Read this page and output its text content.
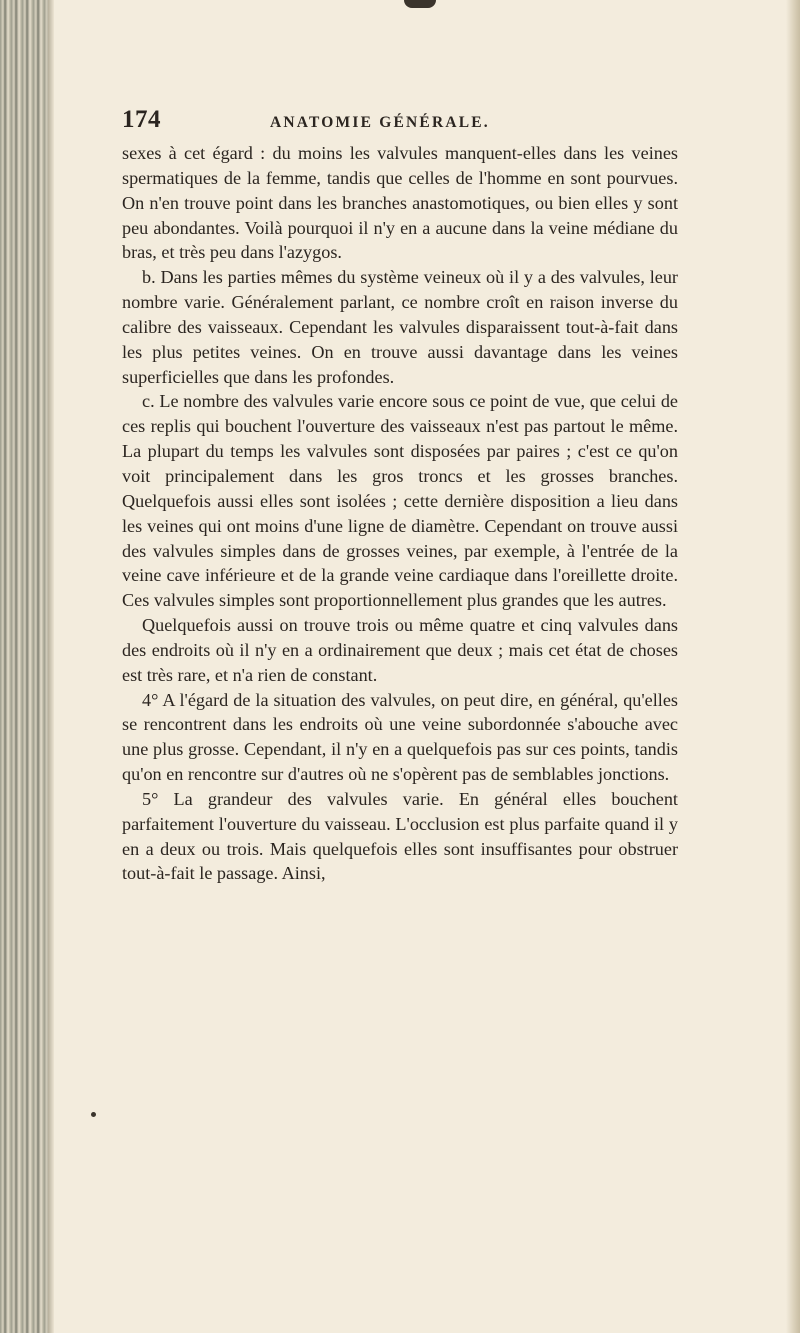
174	ANATOMIE GÉNÉRALE.

sexes à cet égard : du moins les valvules manquent-elles dans les veines spermatiques de la femme, tandis que celles de l'homme en sont pourvues. On n'en trouve point dans les branches anastomotiques, ou bien elles y sont peu abondantes. Voilà pourquoi il n'y en a aucune dans la veine médiane du bras, et très peu dans l'azygos.

b. Dans les parties mêmes du système veineux où il y a des valvules, leur nombre varie. Généralement parlant, ce nombre croît en raison inverse du calibre des vaisseaux. Cependant les valvules disparaissent tout-à-fait dans les plus petites veines. On en trouve aussi davantage dans les veines superficielles que dans les profondes.

c. Le nombre des valvules varie encore sous ce point de vue, que celui de ces replis qui bouchent l'ouverture des vaisseaux n'est pas partout le même. La plupart du temps les valvules sont disposées par paires ; c'est ce qu'on voit principalement dans les gros troncs et les grosses branches. Quelquefois aussi elles sont isolées ; cette dernière disposition a lieu dans les veines qui ont moins d'une ligne de diamètre. Cependant on trouve aussi des valvules simples dans de grosses veines, par exemple, à l'entrée de la veine cave inférieure et de la grande veine cardiaque dans l'oreillette droite. Ces valvules simples sont proportionnellement plus grandes que les autres.

Quelquefois aussi on trouve trois ou même quatre et cinq valvules dans des endroits où il n'y en a ordinairement que deux ; mais cet état de choses est très rare, et n'a rien de constant.

4° A l'égard de la situation des valvules, on peut dire, en général, qu'elles se rencontrent dans les endroits où une veine subordonnée s'abouche avec une plus grosse. Cependant, il n'y en a quelquefois pas sur ces points, tandis qu'on en rencontre sur d'autres où ne s'opèrent pas de semblables jonctions.

5° La grandeur des valvules varie. En général elles bouchent parfaitement l'ouverture du vaisseau. L'occlusion est plus parfaite quand il y en a deux ou trois. Mais quelquefois elles sont insuffisantes pour obstruer tout-à-fait le passage. Ainsi,
